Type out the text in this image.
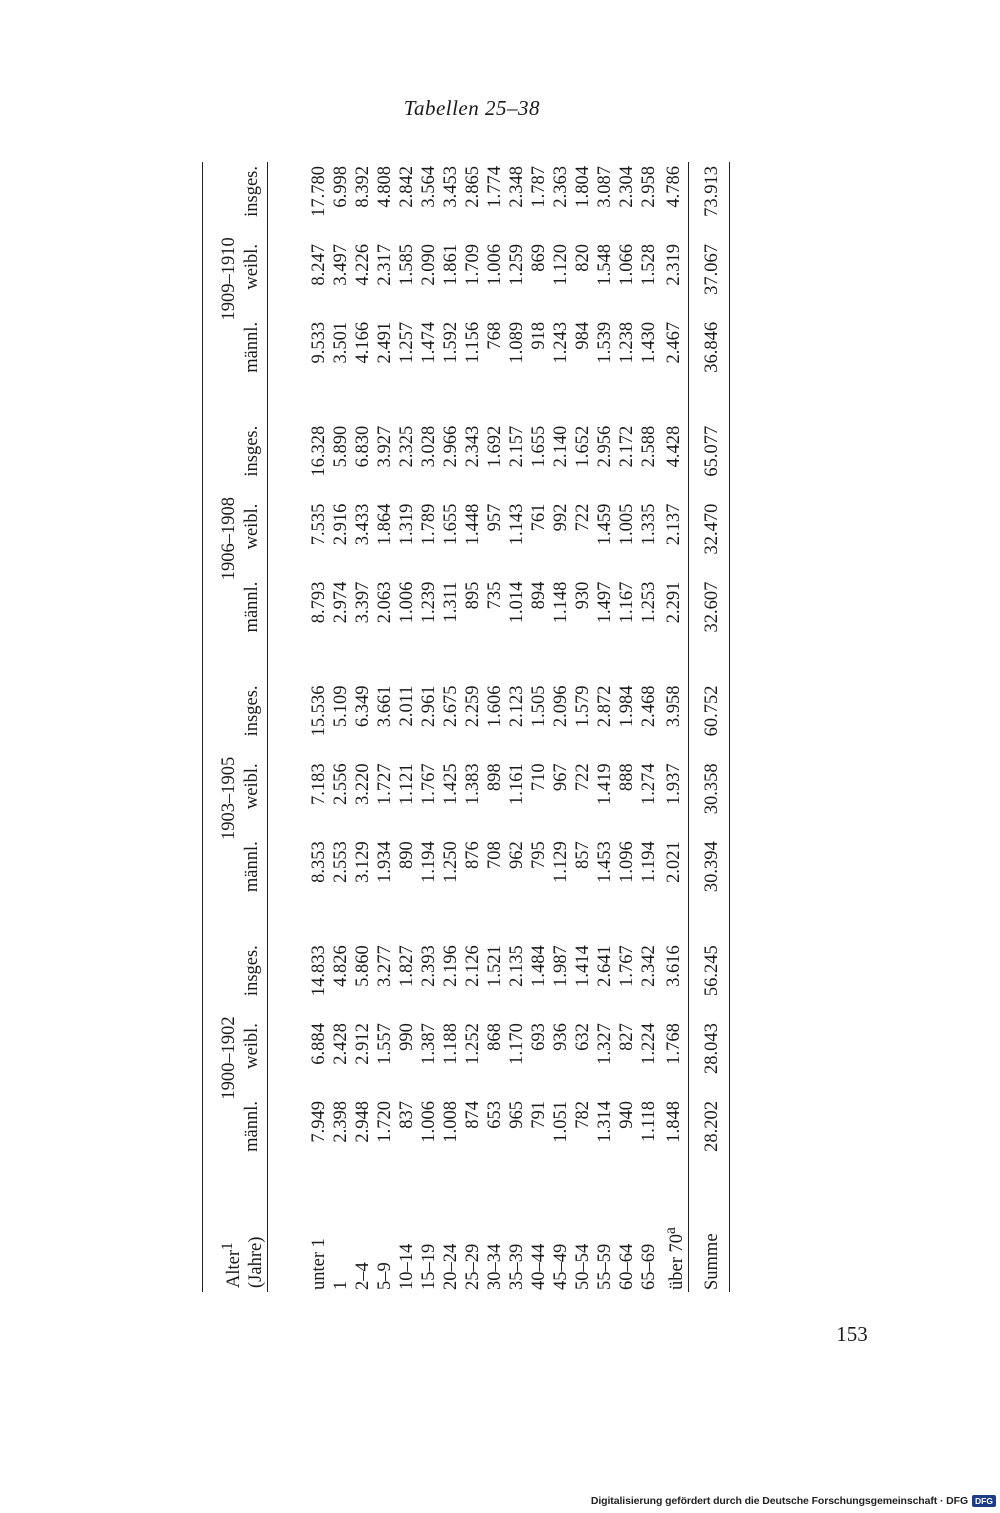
Tabellen 25–38

Alter$^1$ (Jahre)		1900–1902				1903–1905				1906–1908				1909–1910		
		männl.	weibl.	insges.		männl.	weibl.	insges.		männl.	weibl.	insges.		männl.	weibl.	insges.

unter 1		7.949	6.884	14.833		8.353	7.183	15.536		8.793	7.535	16.328		9.533	8.247	17.780
1		2.398	2.428	4.826		2.553	2.556	5.109		2.974	2.916	5.890		3.501	3.497	6.998
2–4		2.948	2.912	5.860		3.129	3.220	6.349		3.397	3.433	6.830		4.166	4.226	8.392
5–9		1.720	1.557	3.277		1.934	1.727	3.661		2.063	1.864	3.927		2.491	2.317	4.808
10–14		837	990	1.827		890	1.121	2.011		1.006	1.319	2.325		1.257	1.585	2.842
15–19		1.006	1.387	2.393		1.194	1.767	2.961		1.239	1.789	3.028		1.474	2.090	3.564
20–24		1.008	1.188	2.196		1.250	1.425	2.675		1.311	1.655	2.966		1.592	1.861	3.453
25–29		874	1.252	2.126		876	1.383	2.259		895	1.448	2.343		1.156	1.709	2.865
30–34		653	868	1.521		708	898	1.606		735	957	1.692		768	1.006	1.774
35–39		965	1.170	2.135		962	1.161	2.123		1.014	1.143	2.157		1.089	1.259	2.348
40–44		791	693	1.484		795	710	1.505		894	761	1.655		918	869	1.787
45–49		1.051	936	1.987		1.129	967	2.096		1.148	992	2.140		1.243	1.120	2.363
50–54		782	632	1.414		857	722	1.579		930	722	1.652		984	820	1.804
55–59		1.314	1.327	2.641		1.453	1.419	2.872		1.497	1.459	2.956		1.539	1.548	3.087
60–64		940	827	1.767		1.096	888	1.984		1.167	1.005	2.172		1.238	1.066	2.304
65–69		1.118	1.224	2.342		1.194	1.274	2.468		1.253	1.335	2.588		1.430	1.528	2.958
über 70$^a$		1.848	1.768	3.616		2.021	1.937	3.958		2.291	2.137	4.428		2.467	2.319	4.786

Summe		28.202	28.043	56.245		30.394	30.358	60.752		32.607	32.470	65.077		36.846	37.067	73.913

153
Digitalisierung gefördert durch die Deutsche Forschungsgemeinschaft · DFG DFG
